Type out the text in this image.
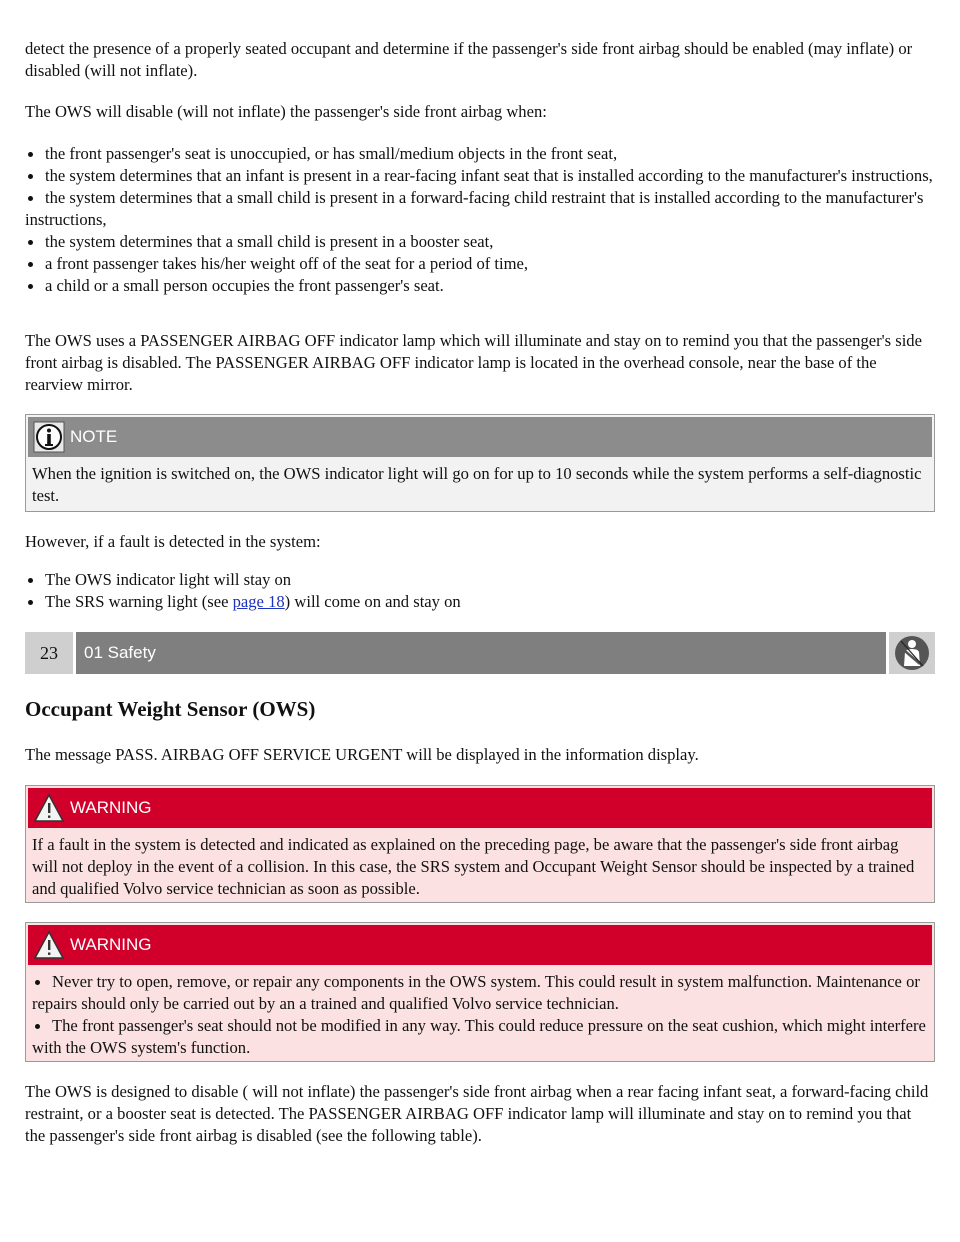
detect the presence of a properly seated occupant and determine if the passenger's side front airbag should be enabled (may inflate) or disabled (will not inflate).

The OWS will disable (will not inflate) the passenger's side front airbag when:

the front passenger's seat is unoccupied, or has small/medium objects in the front seat,
the system determines that an infant is present in a rear-facing infant seat that is installed according to the manufacturer's instructions,
the system determines that a small child is present in a forward-facing child restraint that is installed according to the manufacturer's instructions,
the system determines that a small child is present in a booster seat,
a front passenger takes his/her weight off of the seat for a period of time,
a child or a small person occupies the front passenger's seat.

The OWS uses a PASSENGER AIRBAG OFF indicator lamp which will illuminate and stay on to remind you that the passenger's side front airbag is disabled. The PASSENGER AIRBAG OFF indicator lamp is located in the overhead console, near the base of the rearview mirror.

NOTE
When the ignition is switched on, the OWS indicator light will go on for up to 10 seconds while the system performs a self-diagnostic test.

However, if a fault is detected in the system:

The OWS indicator light will stay on
The SRS warning light (see page 18) will come on and stay on
23	01 Safety
Occupant Weight Sensor (OWS)

The message PASS. AIRBAG OFF SERVICE URGENT will be displayed in the information display.

WARNING
If a fault in the system is detected and indicated as explained on the preceding page, be aware that the passenger's side front airbag will not deploy in the event of a collision. In this case, the SRS system and Occupant Weight Sensor should be inspected by a trained and qualified Volvo service technician as soon as possible.
WARNING
Never try to open, remove, or repair any components in the OWS system. This could result in system malfunction. Maintenance or repairs should only be carried out by an a trained and qualified Volvo service technician.
The front passenger's seat should not be modified in any way. This could reduce pressure on the seat cushion, which might interfere with the OWS system's function.

The OWS is designed to disable ( will not inflate) the passenger's side front airbag when a rear facing infant seat, a forward-facing child restraint, or a booster seat is detected. The PASSENGER AIRBAG OFF indicator lamp will illuminate and stay on to remind you that the passenger's side front airbag is disabled (see the following table).
